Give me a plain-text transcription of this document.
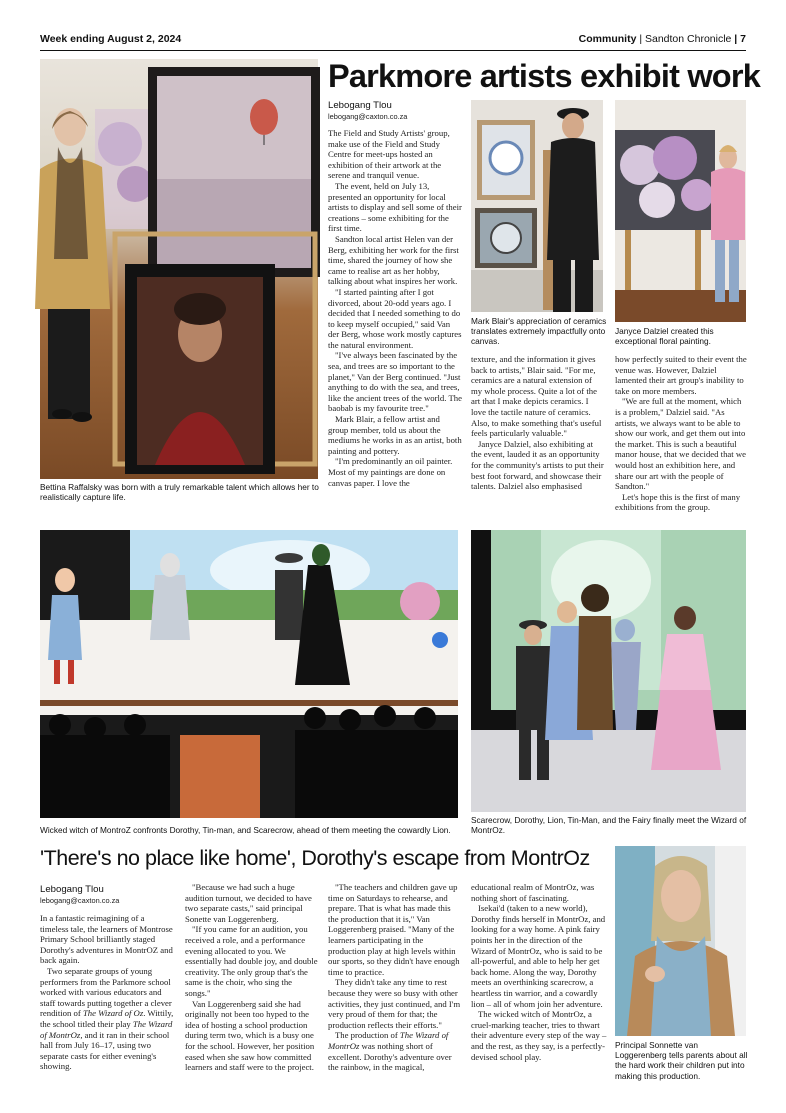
Week ending August 2, 2024	Community | Sandton Chronicle | 7
Bettina Raffalsky was born with a truly remarkable talent which allows her to realistically capture life.
Parkmore artists exhibit work
Lebogang Tlou
lebogang@caxton.co.za

The Field and Study Artists' group, make use of the Field and Study Centre for meet-ups hosted an exhibition of their artwork at the serene and tranquil venue.

The event, held on July 13, presented an opportunity for local artists to display and sell some of their creations – some exhibiting for the first time.

Sandton local artist Helen van der Berg, exhibiting her work for the first time, shared the journey of how she came to realise art as her hobby, talking about what inspires her work.

"I started painting after I got divorced, about 20-odd years ago. I decided that I needed something to do to keep myself occupied," said Van der Berg, whose work mostly captures the natural environment.

"I've always been fascinated by the sea, and trees are so important to the planet," Van der Berg continued. "Just anything to do with the sea, and trees, like the ancient trees of the world. The baobab is my favourite tree."

Mark Blair, a fellow artist and group member, told us about the mediums he works in as an artist, both painting and pottery.

"I'm predominantly an oil painter. Most of my paintings are done on canvas paper. I love the

Mark Blair's appreciation of ceramics translates extremely impactfully onto canvas.
Janyce Dalziel created this exceptional floral painting.

texture, and the information it gives back to artists," Blair said. "For me, ceramics are a natural extension of my whole process. Quite a lot of the art that I make depicts ceramics. I love the tactile nature of ceramics. Also, to make something that's useful feels particularly valuable."

Janyce Dalziel, also exhibiting at the event, lauded it as an opportunity for the community's artists to put their best foot forward, and showcase their talents. Dalziel also emphasised

how perfectly suited to their event the venue was. However, Dalziel lamented their art group's inability to take on more members.

"We are full at the moment, which is a problem," Dalziel said. "As artists, we always want to be able to show our work, and get them out into the market. This is such a beautiful manor house, that we decided that we would host an exhibition here, and share our art with the people of Sandton."

Let's hope this is the first of many exhibitions from the group.

Wicked witch of MontroZ confronts Dorothy, Tin-man, and Scarecrow, ahead of them meeting the cowardly Lion.
Scarecrow, Dorothy, Lion, Tin-Man, and the Fairy finally meet the Wizard of MontrOz.
'There's no place like home', Dorothy's escape from MontrOz
Lebogang Tlou
lebogang@caxton.co.za

In a fantastic reimagining of a timeless tale, the learners of Montrose Primary School brilliantly staged Dorothy's adventures in MontrOZ and back again.

Two separate groups of young performers from the Parkmore school worked with various educators and staff towards putting together a clever rendition of The Wizard of Oz. Wittily, the school titled their play The Wizard of MontrOz, and it ran in their school hall from July 16–17, using two separate casts for either evening's showing.

"Because we had such a huge audition turnout, we decided to have two separate casts," said principal Sonette van Loggerenberg.

"If you came for an audition, you received a role, and a performance evening allocated to you. We essentially had double joy, and double creativity. The only group that's the same is the choir, who sing the songs."

Van Loggerenberg said she had originally not been too hyped to the idea of hosting a school production during term two, which is a busy one for the school. However, her position eased when she saw how committed learners and staff were to the project.

"The teachers and children gave up time on Saturdays to rehearse, and prepare. That is what has made this the production that it is," Van Loggerenberg praised. "Many of the learners participating in the production play at high levels within our sports, so they didn't have enough time to practice.

They didn't take any time to rest because they were so busy with other activities, they just continued, and I'm very proud of them for that; the production reflects their efforts."

The production of The Wizard of MontrOz was nothing short of excellent. Dorothy's adventure over the rainbow, in the magical,

educational realm of MontrOz, was nothing short of fascinating.

Isekai'd (taken to a new world), Dorothy finds herself in MontrOz, and looking for a way home. A pink fairy points her in the direction of the Wizard of MontrOz, who is said to be all-powerful, and able to help her get back home. Along the way, Dorothy meets an overthinking scarecrow, a heartless tin warrior, and a cowardly lion – all of whom join her adventure.

The wicked witch of MontrOz, a cruel-marking teacher, tries to thwart their adventure every step of the way – and the rest, as they say, is a perfectly-devised school play.

Principal Sonnette van Loggerenberg tells parents about all the hard work their children put into making this production.
